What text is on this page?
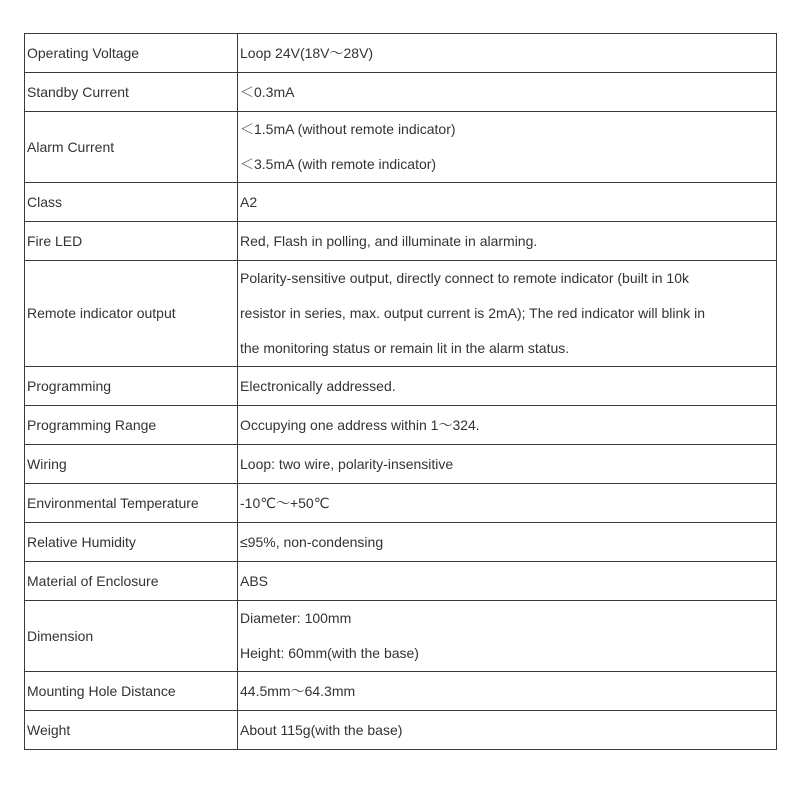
Operating Voltage	Loop 24V(18V～28V)

Standby Current	＜0.3mA

Alarm Current	＜1.5mA (without remote indicator)
＜3.5mA (with remote indicator)

Class	A2

Fire LED	Red, Flash in polling, and illuminate in alarming.

Remote indicator output	Polarity-sensitive output, directly connect to remote indicator (built in 10k
resistor in series, max. output current is 2mA); The red indicator will blink in
the monitoring status or remain lit in the alarm status.

Programming	Electronically addressed.

Programming Range	Occupying one address within 1～324.

Wiring	Loop: two wire, polarity-insensitive

Environmental Temperature	-10℃～+50℃

Relative Humidity	≤95%, non-condensing

Material of Enclosure	ABS

Dimension	Diameter: 100mm
Height: 60mm(with the base)

Mounting Hole Distance	44.5mm～64.3mm

Weight	About 115g(with the base)
